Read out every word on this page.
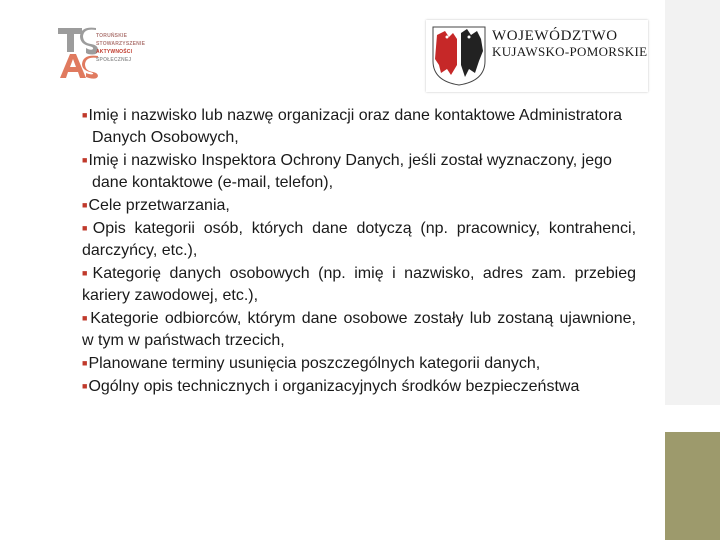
TORUŃSKIE
STOWARZYSZENIE
AKTYWNOŚCI
SPOŁECZNEJ
WOJEWÓDZTWO
KUJAWSKO-POMORSKIE

■Imię i nazwisko lub nazwę organizacji oraz dane kontaktowe Administratora Danych Osobowych,

■Imię i nazwisko Inspektora Ochrony Danych, jeśli został wyznaczony, jego dane kontaktowe (e-mail, telefon),

■Cele przetwarzania,

■Opis kategorii osób, których dane dotyczą (np. pracownicy, kontrahenci, darczyńcy, etc.),

■Kategorię danych osobowych (np. imię i nazwisko, adres zam. przebieg kariery zawodowej, etc.),

■Kategorie odbiorców, którym dane osobowe zostały lub zostaną ujawnione, w tym w państwach trzecich,

■Planowane terminy usunięcia poszczególnych kategorii danych,

■Ogólny opis technicznych i organizacyjnych środków bezpieczeństwa
